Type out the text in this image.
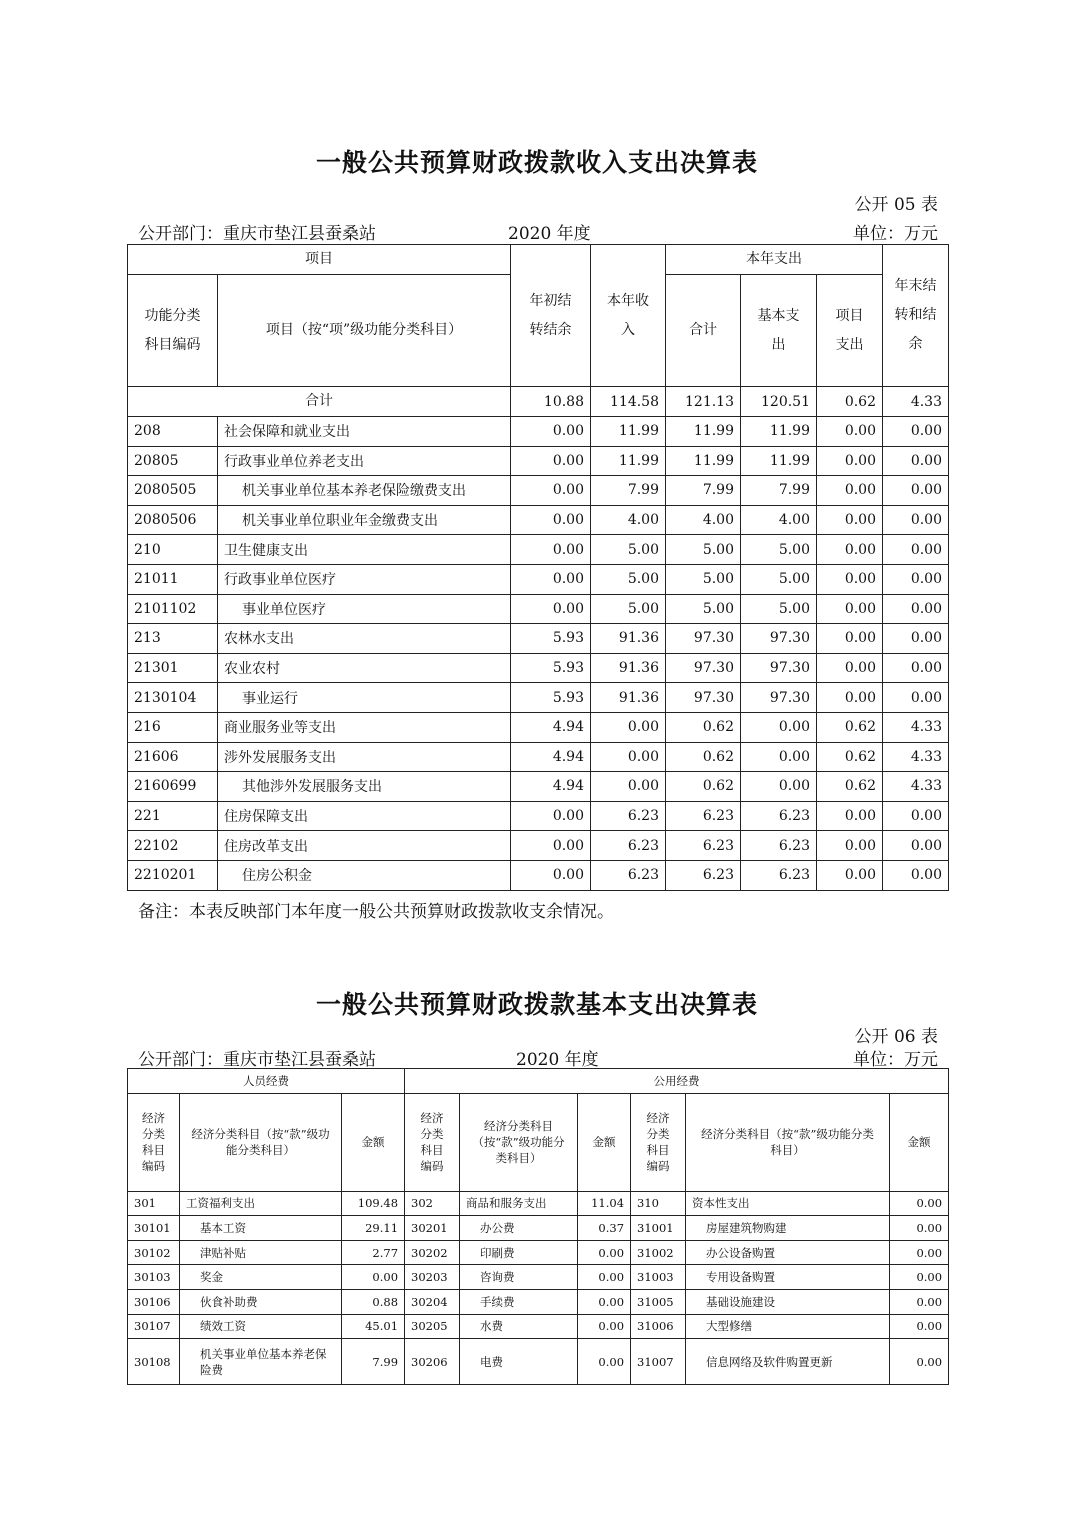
一般公共预算财政拨款收入支出决算表
公开 05 表
公开部门：重庆市垫江县蚕桑站	2020 年度	单位：万元
项目		年初结转结余	本年收入	本年支出			年末结转和结余
功能分类科目编码	项目（按“项”级功能分类科目）			合计	基本支出	项目支出	
合计		10.88	114.58	121.13	120.51	0.62	4.33
208	社会保障和就业支出	0.00	11.99	11.99	11.99	0.00	0.00
20805	行政事业单位养老支出	0.00	11.99	11.99	11.99	0.00	0.00
2080505	机关事业单位基本养老保险缴费支出	0.00	7.99	7.99	7.99	0.00	0.00
2080506	机关事业单位职业年金缴费支出	0.00	4.00	4.00	4.00	0.00	0.00
210	卫生健康支出	0.00	5.00	5.00	5.00	0.00	0.00
21011	行政事业单位医疗	0.00	5.00	5.00	5.00	0.00	0.00
2101102	事业单位医疗	0.00	5.00	5.00	5.00	0.00	0.00
213	农林水支出	5.93	91.36	97.30	97.30	0.00	0.00
21301	农业农村	5.93	91.36	97.30	97.30	0.00	0.00
2130104	事业运行	5.93	91.36	97.30	97.30	0.00	0.00
216	商业服务业等支出	4.94	0.00	0.62	0.00	0.62	4.33
21606	涉外发展服务支出	4.94	0.00	0.62	0.00	0.62	4.33
2160699	其他涉外发展服务支出	4.94	0.00	0.62	0.00	0.62	4.33
221	住房保障支出	0.00	6.23	6.23	6.23	0.00	0.00
22102	住房改革支出	0.00	6.23	6.23	6.23	0.00	0.00
2210201	住房公积金	0.00	6.23	6.23	6.23	0.00	0.00
备注：本表反映部门本年度一般公共预算财政拨款收支余情况。
一般公共预算财政拨款基本支出决算表
公开 06 表
公开部门：重庆市垫江县蚕桑站	2020 年度	单位：万元
人员经费			公用经费					
经济分类科目编码	经济分类科目（按“款”级功能分类科目）	金额	经济分类科目编码	经济分类科目（按“款”级功能分类科目）	金额	经济分类科目编码	经济分类科目（按“款”级功能分类科目）	金额
301	工资福利支出	109.48	302	商品和服务支出	11.04	310	资本性支出	0.00
30101	基本工资	29.11	30201	办公费	0.37	31001	房屋建筑物购建	0.00
30102	津贴补贴	2.77	30202	印刷费	0.00	31002	办公设备购置	0.00
30103	奖金	0.00	30203	咨询费	0.00	31003	专用设备购置	0.00
30106	伙食补助费	0.88	30204	手续费	0.00	31005	基础设施建设	0.00
30107	绩效工资	45.01	30205	水费	0.00	31006	大型修缮	0.00
30108	机关事业单位基本养老保险费	7.99	30206	电费	0.00	31007	信息网络及软件购置更新	0.00
